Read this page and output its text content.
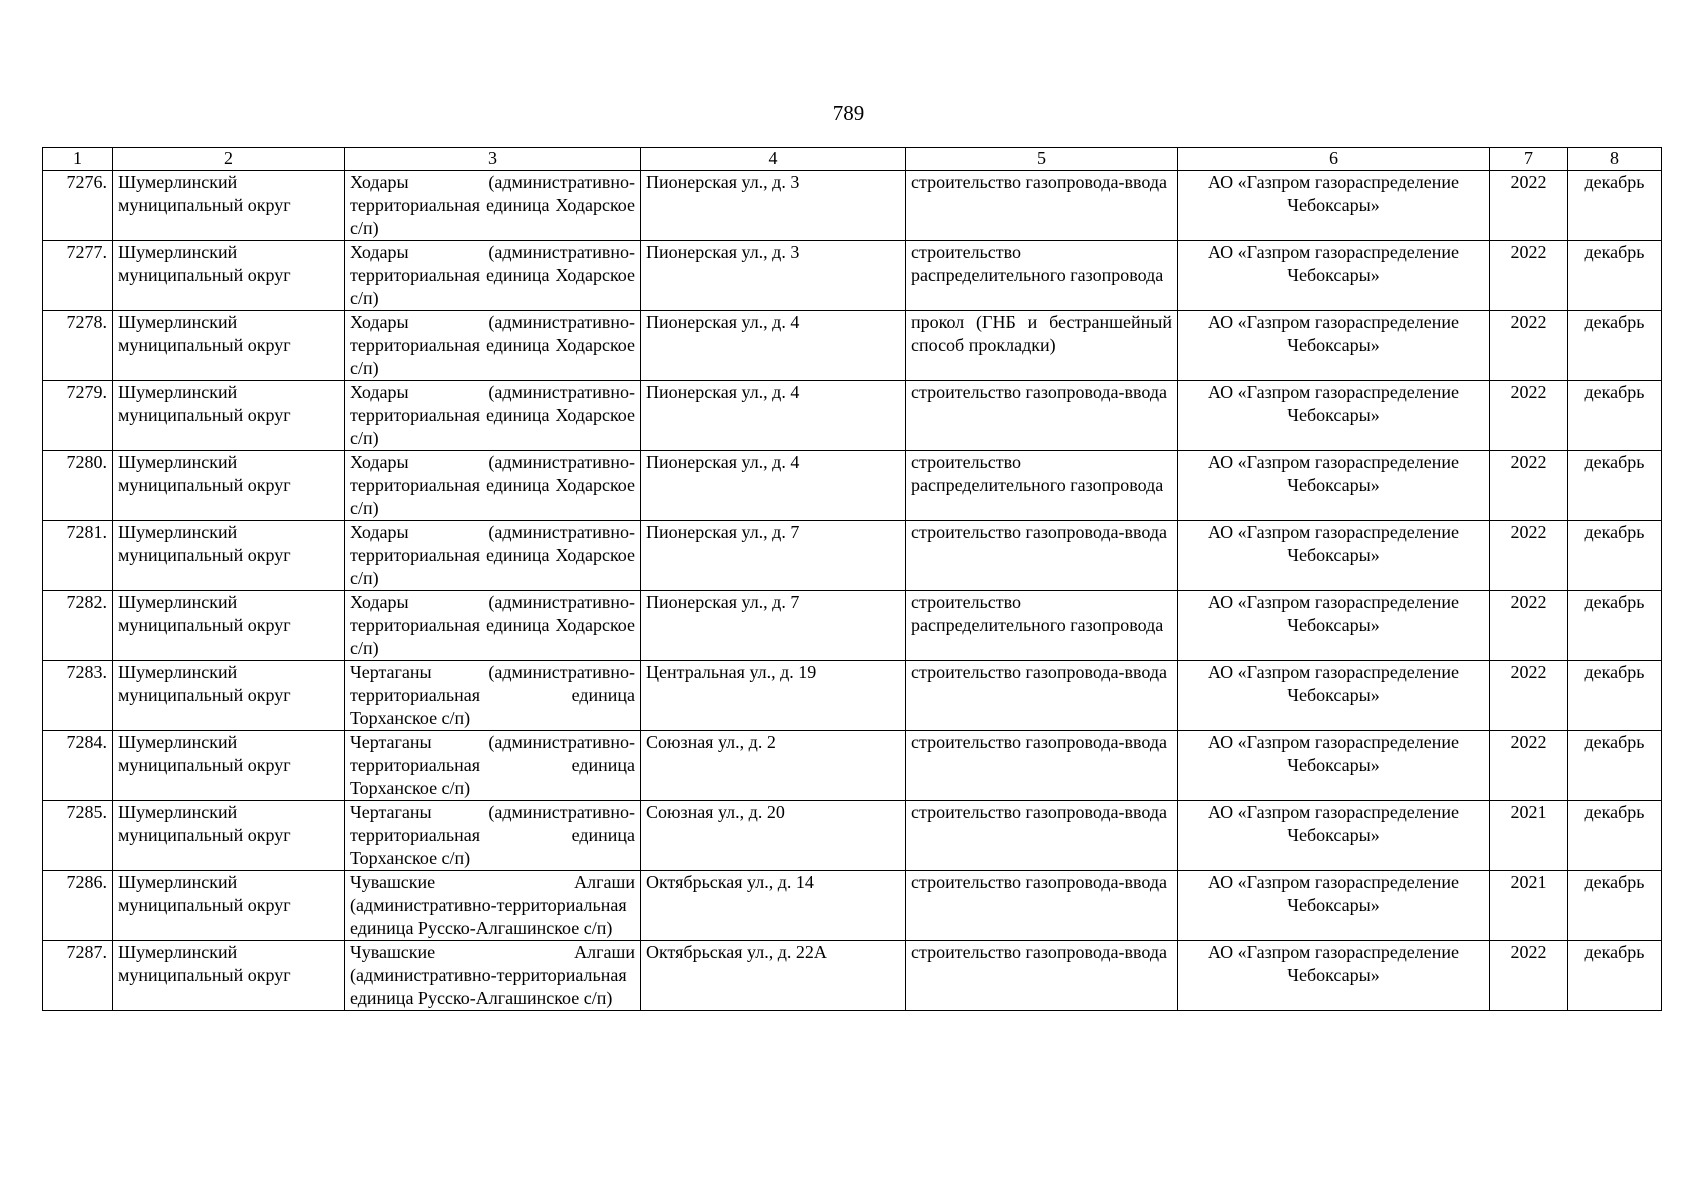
789
1	2	3	4	5	6	7	8
7276.	Шумерлинский муниципальный округ	Ходары (административно-территориальная единица Ходарское с/п)	Пионерская ул., д. 3	строительство газопровода-ввода	АО «Газпром газораспределение Чебоксары»	2022	декабрь
7277.	Шумерлинский муниципальный округ	Ходары (административно-территориальная единица Ходарское с/п)	Пионерская ул., д. 3	строительство распределительного газопровода	АО «Газпром газораспределение Чебоксары»	2022	декабрь
7278.	Шумерлинский муниципальный округ	Ходары (административно-территориальная единица Ходарское с/п)	Пионерская ул., д. 4	прокол (ГНБ и бестраншейный способ прокладки)	АО «Газпром газораспределение Чебоксары»	2022	декабрь
7279.	Шумерлинский муниципальный округ	Ходары (административно-территориальная единица Ходарское с/п)	Пионерская ул., д. 4	строительство газопровода-ввода	АО «Газпром газораспределение Чебоксары»	2022	декабрь
7280.	Шумерлинский муниципальный округ	Ходары (административно-территориальная единица Ходарское с/п)	Пионерская ул., д. 4	строительство распределительного газопровода	АО «Газпром газораспределение Чебоксары»	2022	декабрь
7281.	Шумерлинский муниципальный округ	Ходары (административно-территориальная единица Ходарское с/п)	Пионерская ул., д. 7	строительство газопровода-ввода	АО «Газпром газораспределение Чебоксары»	2022	декабрь
7282.	Шумерлинский муниципальный округ	Ходары (административно-территориальная единица Ходарское с/п)	Пионерская ул., д. 7	строительство распределительного газопровода	АО «Газпром газораспределение Чебоксары»	2022	декабрь
7283.	Шумерлинский муниципальный округ	Чертаганы (административно-территориальная единица Торханское с/п)	Центральная ул., д. 19	строительство газопровода-ввода	АО «Газпром газораспределение Чебоксары»	2022	декабрь
7284.	Шумерлинский муниципальный округ	Чертаганы (административно-территориальная единица Торханское с/п)	Союзная ул., д. 2	строительство газопровода-ввода	АО «Газпром газораспределение Чебоксары»	2022	декабрь
7285.	Шумерлинский муниципальный округ	Чертаганы (административно-территориальная единица Торханское с/п)	Союзная ул., д. 20	строительство газопровода-ввода	АО «Газпром газораспределение Чебоксары»	2021	декабрь
7286.	Шумерлинский муниципальный округ	Чувашские Алгаши (административно-территориальная единица Русско-Алгашинское с/п)	Октябрьская ул., д. 14	строительство газопровода-ввода	АО «Газпром газораспределение Чебоксары»	2021	декабрь
7287.	Шумерлинский муниципальный округ	Чувашские Алгаши (административно-территориальная единица Русско-Алгашинское с/п)	Октябрьская ул., д. 22А	строительство газопровода-ввода	АО «Газпром газораспределение Чебоксары»	2022	декабрь
